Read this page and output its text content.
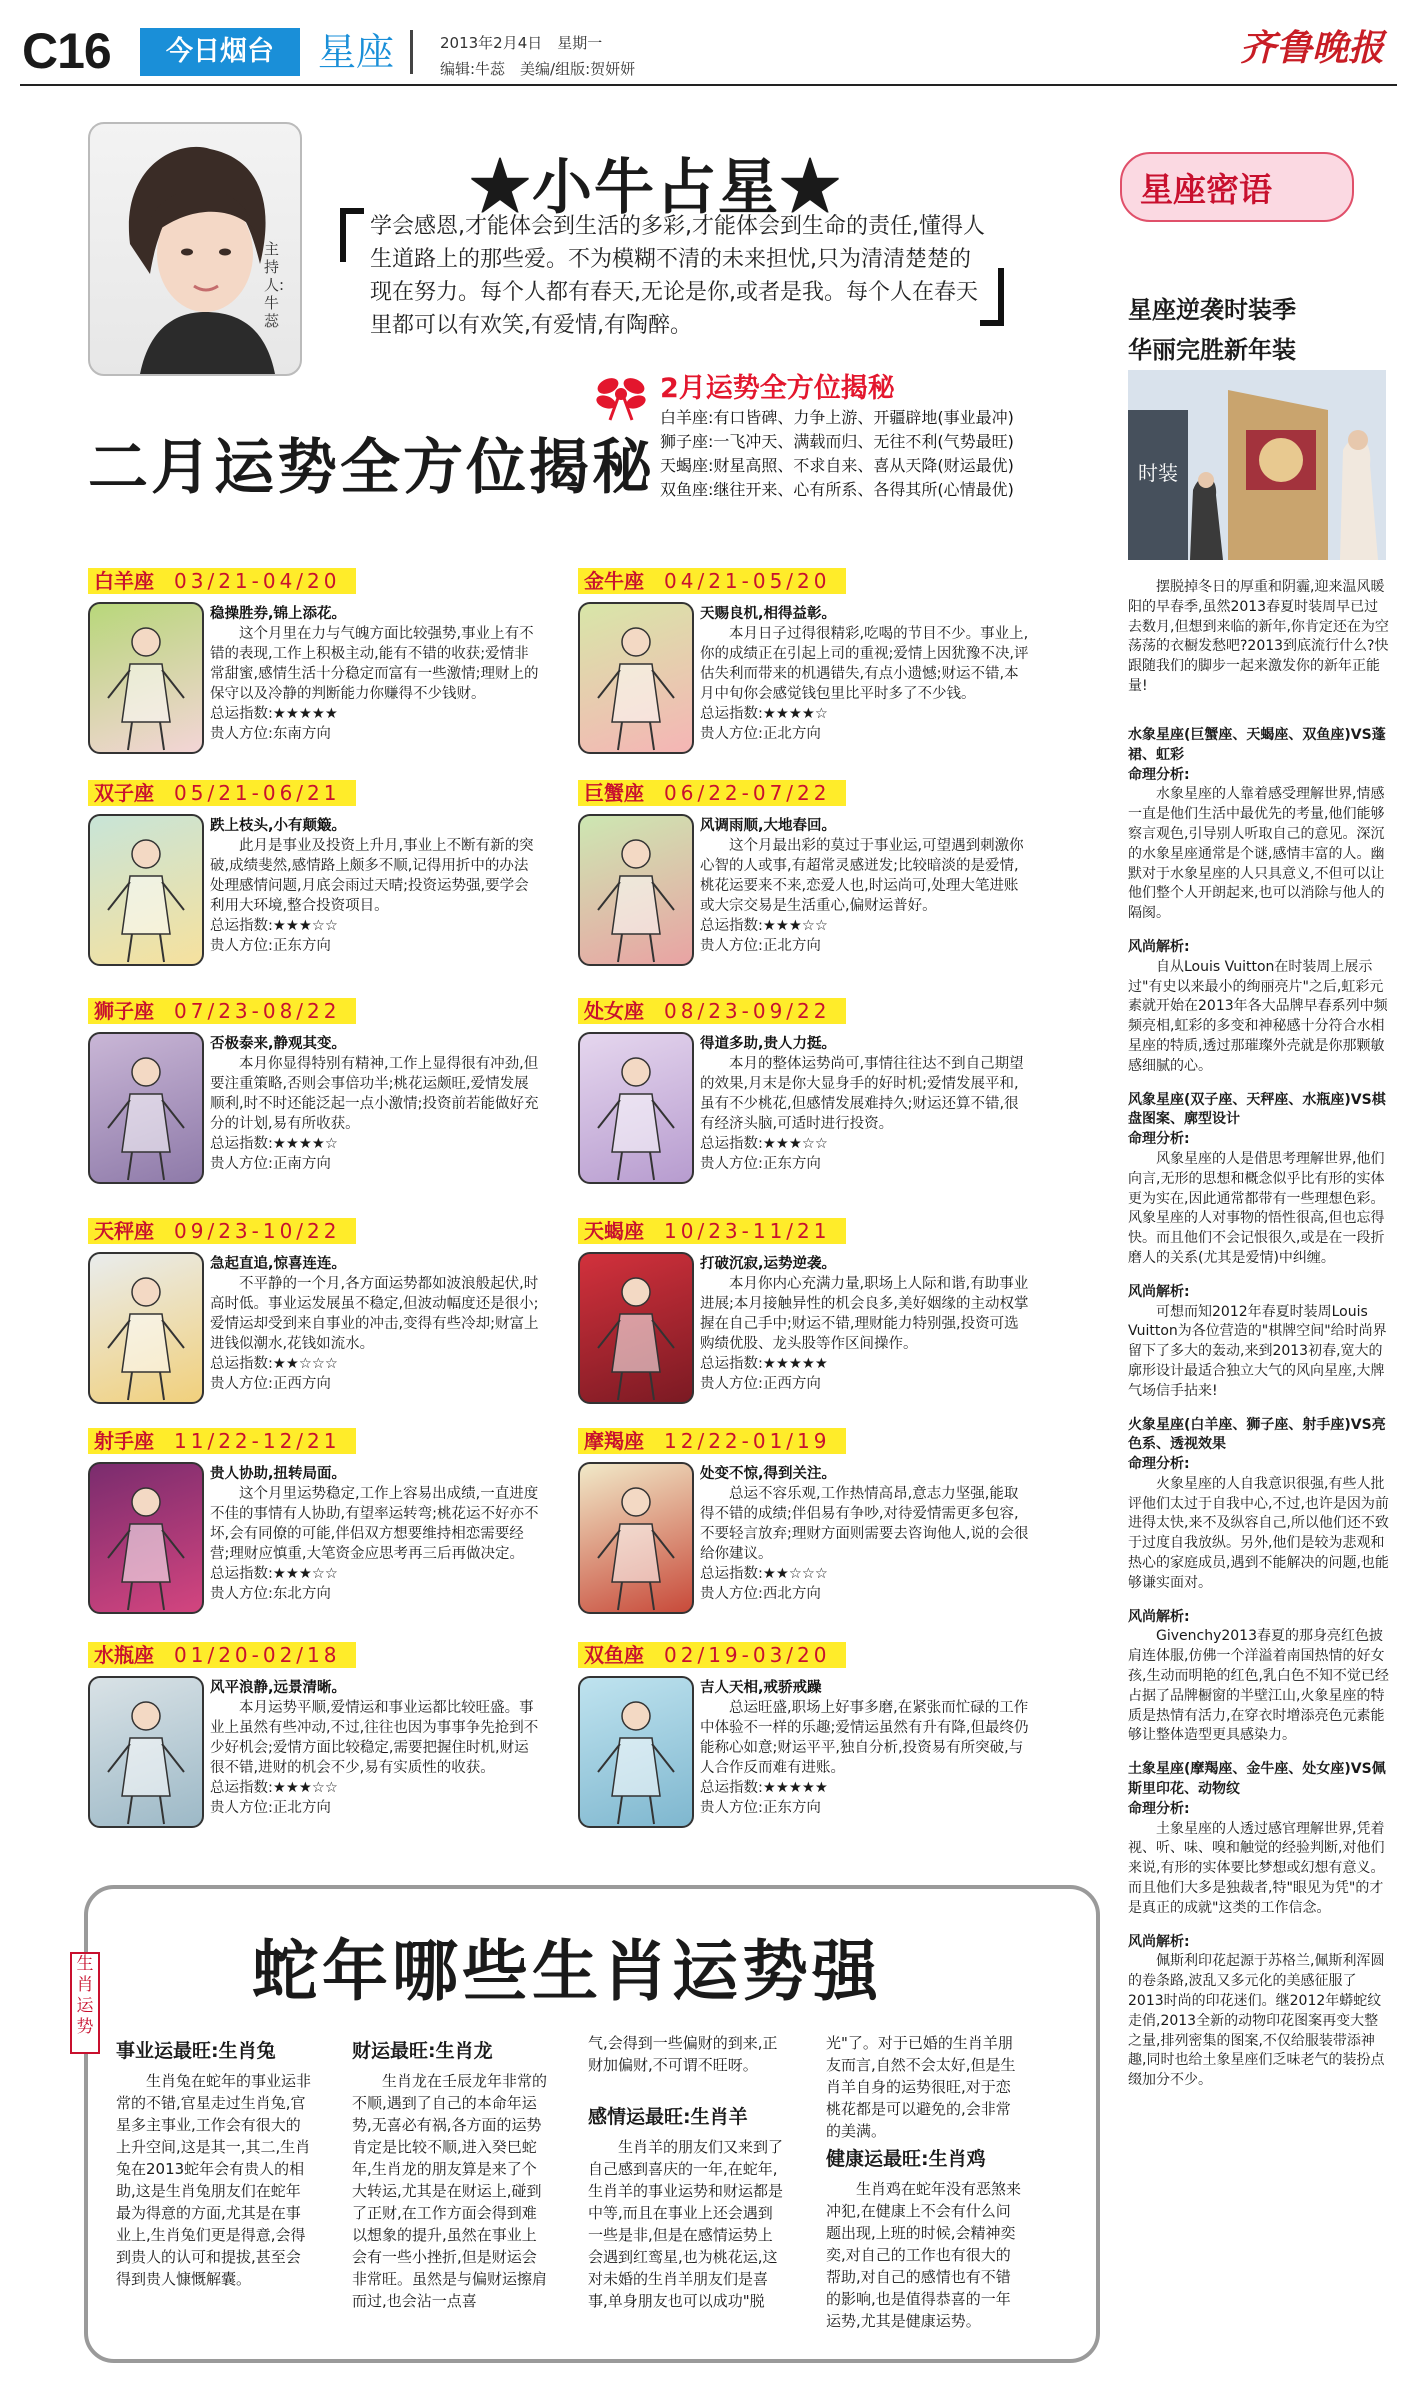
C16	今日烟台	星座	2013年2月4日　星期一
编辑:牛蕊　美编/组版:贺妍妍	齐鲁晚报
主持人:牛蕊
★小牛占星★
学会感恩,才能体会到生活的多彩,才能体会到生命的责任,懂得人生道路上的那些爱。不为模糊不清的未来担忧,只为清清楚楚的现在努力。每个人都有春天,无论是你,或者是我。每个人在春天里都可以有欢笑,有爱情,有陶醉。
二月运势全方位揭秘
2月运势全方位揭秘
白羊座:有口皆碑、力争上游、开疆辟地(事业最冲)
狮子座:一飞冲天、满载而归、无往不利(气势最旺)
天蝎座:财星高照、不求自来、喜从天降(财运最优)
双鱼座:继往开来、心有所系、各得其所(心情最优)
白羊座 03/21-04/20
稳操胜券,锦上添花。

这个月里在力与气魄方面比较强势,事业上有不错的表现,工作上积极主动,能有不错的收获;爱情非常甜蜜,感情生活十分稳定而富有一些激情;理财上的保守以及冷静的判断能力你赚得不少钱财。

总运指数:★★★★★
贵人方位:东南方向
金牛座 04/21-05/20
天赐良机,相得益彰。

本月日子过得很精彩,吃喝的节目不少。事业上,你的成绩正在引起上司的重视;爱情上因犹豫不决,评估失利而带来的机遇错失,有点小遗憾;财运不错,本月中旬你会感觉钱包里比平时多了不少钱。

总运指数:★★★★☆
贵人方位:正北方向
双子座 05/21-06/21
跌上枝头,小有颠簸。

此月是事业及投资上升月,事业上不断有新的突破,成绩斐然,感情路上颇多不顺,记得用折中的办法处理感情问题,月底会雨过天晴;投资运势强,要学会利用大环境,整合投资项目。

总运指数:★★★☆☆
贵人方位:正东方向
巨蟹座 06/22-07/22
风调雨顺,大地春回。

这个月最出彩的莫过于事业运,可望遇到刺激你心智的人或事,有超常灵感迸发;比较暗淡的是爱情,桃花运要来不来,恋爱人也,时运尚可,处理大笔进账或大宗交易是生活重心,偏财运普好。

总运指数:★★★☆☆
贵人方位:正北方向
狮子座 07/23-08/22
否极泰来,静观其变。

本月你显得特别有精神,工作上显得很有冲劲,但要注重策略,否则会事倍功半;桃花运颇旺,爱情发展顺利,时不时还能泛起一点小激情;投资前若能做好充分的计划,易有所收获。

总运指数:★★★★☆
贵人方位:正南方向
处女座 08/23-09/22
得道多助,贵人力挺。

本月的整体运势尚可,事情往往达不到自己期望的效果,月末是你大显身手的好时机;爱情发展平和,虽有不少桃花,但感情发展难持久;财运还算不错,很有经济头脑,可适时进行投资。

总运指数:★★★☆☆
贵人方位:正东方向
天秤座 09/23-10/22
急起直追,惊喜连连。

不平静的一个月,各方面运势都如波浪般起伏,时高时低。事业运发展虽不稳定,但波动幅度还是很小;爱情运却受到来自事业的冲击,变得有些冷却;财富上进钱似潮水,花钱如流水。

总运指数:★★☆☆☆
贵人方位:正西方向
天蝎座 10/23-11/21
打破沉寂,运势逆袭。

本月你内心充满力量,职场上人际和谐,有助事业进展;本月接触异性的机会良多,美好姻缘的主动权掌握在自己手中;财运不错,理财能力特别强,投资可选购绩优股、龙头股等作区间操作。

总运指数:★★★★★
贵人方位:正西方向
射手座 11/22-12/21
贵人协助,扭转局面。

这个月里运势稳定,工作上容易出成绩,一直进度不佳的事情有人协助,有望率运转弯;桃花运不好亦不坏,会有同僚的可能,伴侣双方想要维持相恋需要经营;理财应慎重,大笔资金应思考再三后再做决定。

总运指数:★★★☆☆
贵人方位:东北方向
摩羯座 12/22-01/19
处变不惊,得到关注。

总运不容乐观,工作热情高昂,意志力坚强,能取得不错的成绩;伴侣易有争吵,对待爱情需更多包容,不要轻言放弃;理财方面则需要去咨询他人,说的会很给你建议。

总运指数:★★☆☆☆
贵人方位:西北方向
水瓶座 01/20-02/18
风平浪静,远景清晰。

本月运势平顺,爱情运和事业运都比较旺盛。事业上虽然有些冲动,不过,往往也因为事事争先抢到不少好机会;爱情方面比较稳定,需要把握住时机,财运很不错,进财的机会不少,易有实质性的收获。

总运指数:★★★☆☆
贵人方位:正北方向
双鱼座 02/19-03/20
吉人天相,戒骄戒躁

总运旺盛,职场上好事多磨,在紧张而忙碌的工作中体验不一样的乐趣;爱情运虽然有升有降,但最终仍能称心如意;财运平平,独自分析,投资易有所突破,与人合作反而难有进账。

总运指数:★★★★★
贵人方位:正东方向
星座密语
星座逆袭时装季
华丽完胜新年装
时装

摆脱掉冬日的厚重和阴霾,迎来温风暖阳的早春季,虽然2013春夏时装周早已过去数月,但想到来临的新年,你肯定还在为空荡荡的衣橱发愁吧?2013到底流行什么?快跟随我们的脚步一起来激发你的新年正能量!

水象星座(巨蟹座、天蝎座、双鱼座)VS蓬裙、虹彩
命理分析:

水象星座的人靠着感受理解世界,情感一直是他们生活中最优先的考量,他们能够察言观色,引导别人听取自己的意见。深沉的水象星座通常是个谜,感情丰富的人。幽默对于水象星座的人只具意义,不但可以让他们整个人开朗起来,也可以消除与他人的隔阂。

风尚解析:

自从Louis Vuitton在时装周上展示过"有史以来最小的绚丽亮片"之后,虹彩元素就开始在2013年各大品牌早春系列中频频亮相,虹彩的多变和神秘感十分符合水相星座的特质,透过那璀璨外壳就是你那颗敏感细腻的心。

风象星座(双子座、天秤座、水瓶座)VS棋盘图案、廓型设计
命理分析:

风象星座的人是借思考理解世界,他们向言,无形的思想和概念似乎比有形的实体更为实在,因此通常都带有一些理想色彩。风象星座的人对事物的悟性很高,但也忘得快。而且他们不会记恨很久,或是在一段折磨人的关系(尤其是爱情)中纠缠。

风尚解析:

可想而知2012年春夏时装周Louis Vuitton为各位营造的"棋牌空间"给时尚界留下了多大的轰动,来到2013初春,宽大的廓形设计最适合独立大气的风向星座,大牌气场信手拈来!

火象星座(白羊座、狮子座、射手座)VS亮色系、透视效果
命理分析:

火象星座的人自我意识很强,有些人批评他们太过于自我中心,不过,也许是因为前进得太快,来不及纵容自己,所以他们还不致于过度自我放纵。另外,他们是较为悲观和热心的家庭成员,遇到不能解决的问题,也能够谦实面对。

风尚解析:

Givenchy2013春夏的那身亮红色披肩连体服,仿佛一个洋溢着南国热情的好女孩,生动而明艳的红色,乳白色不知不觉已经占据了品牌橱窗的半壁江山,火象星座的特质是热情有活力,在穿衣时增添亮色元素能够让整体造型更具感染力。

土象星座(摩羯座、金牛座、处女座)VS佩斯里印花、动物纹
命理分析:

土象星座的人透过感官理解世界,凭着视、听、味、嗅和触觉的经验判断,对他们来说,有形的实体要比梦想或幻想有意义。而且他们大多是独裁者,特"眼见为凭"的才是真正的成就"这类的工作信念。

风尚解析:

佩斯利印花起源于苏格兰,佩斯利浑圆的卷条路,波乱又多元化的美感征服了2013时尚的印花迷们。继2012年蟒蛇纹走俏,2013全新的动物印花图案再变大整之量,排列密集的图案,不仅给服装带添神趣,同时也给土象星座们乏味老气的装扮点缀加分不少。

生肖运势
蛇年哪些生肖运势强
事业运最旺:生肖兔

生肖兔在蛇年的事业运非常的不错,官星走过生肖兔,官星多主事业,工作会有很大的上升空间,这是其一,其二,生肖兔在2013蛇年会有贵人的相助,这是生肖兔朋友们在蛇年最为得意的方面,尤其是在事业上,生肖兔们更是得意,会得到贵人的认可和提拔,甚至会得到贵人慷慨解囊。

财运最旺:生肖龙

生肖龙在壬辰龙年非常的不顺,遇到了自己的本命年运势,无喜必有祸,各方面的运势肯定是比较不顺,进入癸巳蛇年,生肖龙的朋友算是来了个大转运,尤其是在财运上,碰到了正财,在工作方面会得到难以想象的提升,虽然在事业上会有一些小挫折,但是财运会非常旺。虽然是与偏财运擦肩而过,也会沾一点喜

气,会得到一些偏财的到来,正财加偏财,不可谓不旺呀。

感情运最旺:生肖羊

生肖羊的朋友们又来到了自己感到喜庆的一年,在蛇年,生肖羊的事业运势和财运都是中等,而且在事业上还会遇到一些是非,但是在感情运势上会遇到红鸾星,也为桃花运,这对未婚的生肖羊朋友们是喜事,单身朋友也可以成功"脱

光"了。对于已婚的生肖羊朋友而言,自然不会太好,但是生肖羊自身的运势很旺,对于恋桃花都是可以避免的,会非常的美满。

健康运最旺:生肖鸡

生肖鸡在蛇年没有恶煞来冲犯,在健康上不会有什么问题出现,上班的时候,会精神奕奕,对自己的工作也有很大的帮助,对自己的感情也有不错的影响,也是值得恭喜的一年运势,尤其是健康运势。
